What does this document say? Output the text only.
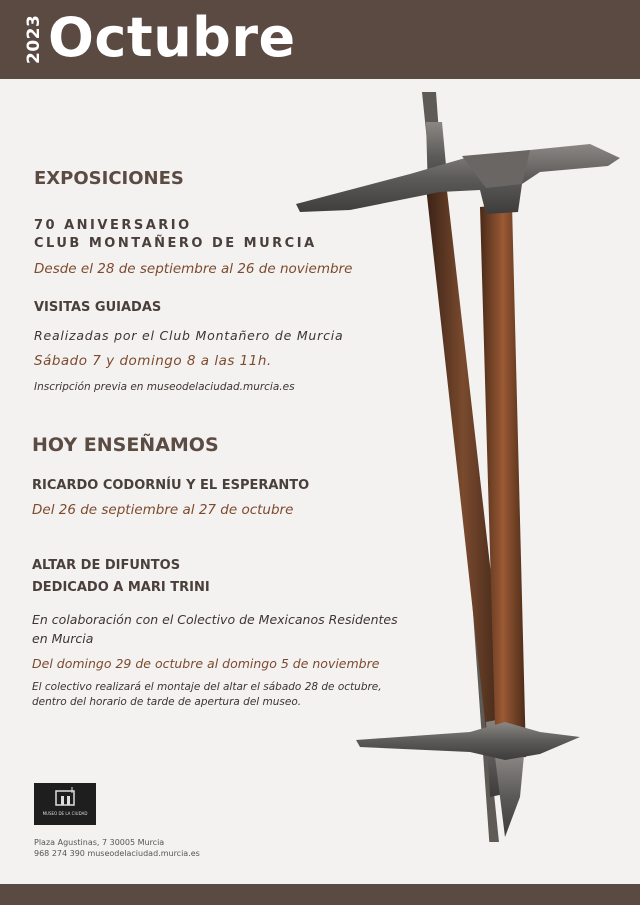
2023 Octubre
EXPOSICIONES
70 ANIVERSARIO
CLUB MONTAÑERO DE MURCIA
Desde el 28 de septiembre al 26 de noviembre
VISITAS GUIADAS
Realizadas por el Club Montañero de Murcia
Sábado 7 y domingo 8 a las 11h.
Inscripción previa en museodelaciudad.murcia.es
HOY ENSEÑAMOS
RICARDO CODORNÍU Y EL ESPERANTO
Del 26 de septiembre al 27 de octubre
ALTAR DE DIFUNTOS
DEDICADO A MARI TRINI
En colaboración con el Colectivo de Mexicanos Residentes
en Murcia
Del domingo 29 de octubre al domingo 5 de noviembre
El colectivo realizará el montaje del altar el sábado 28 de octubre,
dentro del horario de tarde de apertura del museo.
MUSEO DE LA CIUDAD
Plaza Agustinas, 7 30005 Murcia
968 274 390 museodelaciudad.murcia.es
